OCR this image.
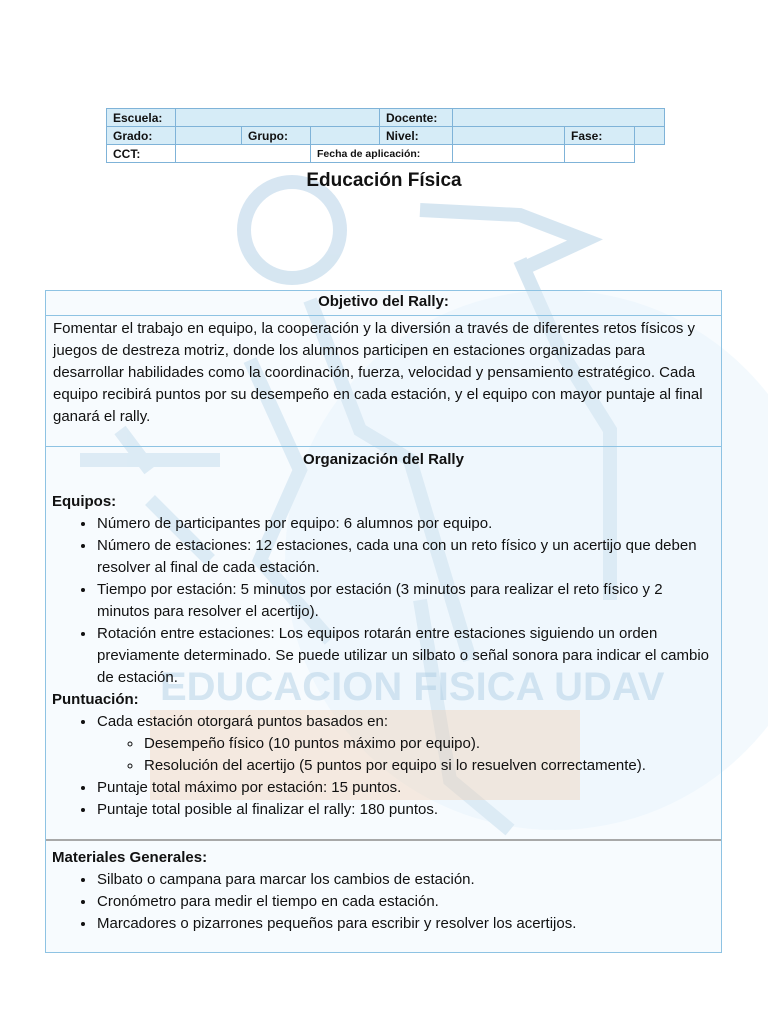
EDUCACION FISICA UDAV
Escuela:				Docente:			
Grado:		Grupo:		Nivel:		Fase:	
CCT:			Fecha de aplicación:				
Educación Física
Objetivo del Rally:
Fomentar el trabajo en equipo, la cooperación y la diversión a través de diferentes retos físicos y juegos de destreza motriz, donde los alumnos participen en estaciones organizadas para desarrollar habilidades como la coordinación, fuerza, velocidad y pensamiento estratégico. Cada equipo recibirá puntos por su desempeño en cada estación, y el equipo con mayor puntaje al final ganará el rally.
Organización del Rally
Equipos:
• Número de participantes por equipo: 6 alumnos por equipo.
• Número de estaciones: 12 estaciones, cada una con un reto físico y un acertijo que deben resolver al final de cada estación.
• Tiempo por estación: 5 minutos por estación (3 minutos para realizar el reto físico y 2 minutos para resolver el acertijo).
• Rotación entre estaciones: Los equipos rotarán entre estaciones siguiendo un orden previamente determinado. Se puede utilizar un silbato o señal sonora para indicar el cambio de estación.
Puntuación:
• Cada estación otorgará puntos basados en:
◦ Desempeño físico (10 puntos máximo por equipo).
◦ Resolución del acertijo (5 puntos por equipo si lo resuelven correctamente).
• Puntaje total máximo por estación: 15 puntos.
• Puntaje total posible al finalizar el rally: 180 puntos.
Materiales Generales:
• Silbato o campana para marcar los cambios de estación.
• Cronómetro para medir el tiempo en cada estación.
• Marcadores o pizarrones pequeños para escribir y resolver los acertijos.
